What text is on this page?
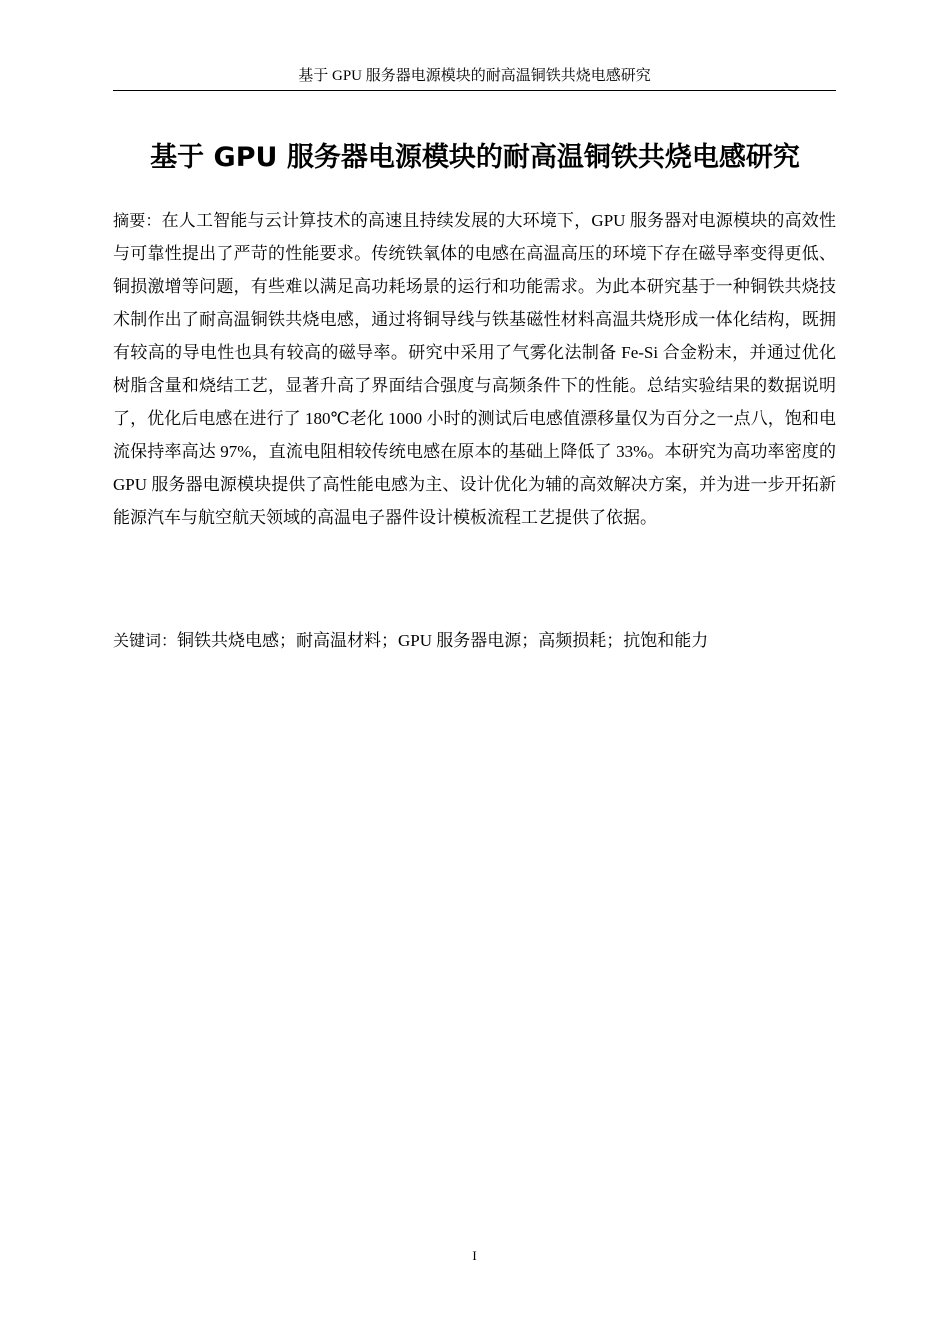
基于 GPU 服务器电源模块的耐高温铜铁共烧电感研究
基于 GPU 服务器电源模块的耐高温铜铁共烧电感研究

摘要：在人工智能与云计算技术的高速且持续发展的大环境下，GPU 服务器对电源模块的高效性与可靠性提出了严苛的性能要求。传统铁氧体的电感在高温高压的环境下存在磁导率变得更低、铜损激增等问题，有些难以满足高功耗场景的运行和功能需求。为此本研究基于一种铜铁共烧技术制作出了耐高温铜铁共烧电感，通过将铜导线与铁基磁性材料高温共烧形成一体化结构，既拥有较高的导电性也具有较高的磁导率。研究中采用了气雾化法制备 Fe-Si 合金粉末，并通过优化树脂含量和烧结工艺，显著升高了界面结合强度与高频条件下的性能。总结实验结果的数据说明了，优化后电感在进行了 180℃老化 1000 小时的测试后电感值漂移量仅为百分之一点八，饱和电流保持率高达 97%，直流电阻相较传统电感在原本的基础上降低了 33%。本研究为高功率密度的 GPU 服务器电源模块提供了高性能电感为主、设计优化为辅的高效解决方案，并为进一步开拓新能源汽车与航空航天领域的高温电子器件设计模板流程工艺提供了依据。

关键词：铜铁共烧电感；耐高温材料；GPU 服务器电源；高频损耗；抗饱和能力

I
